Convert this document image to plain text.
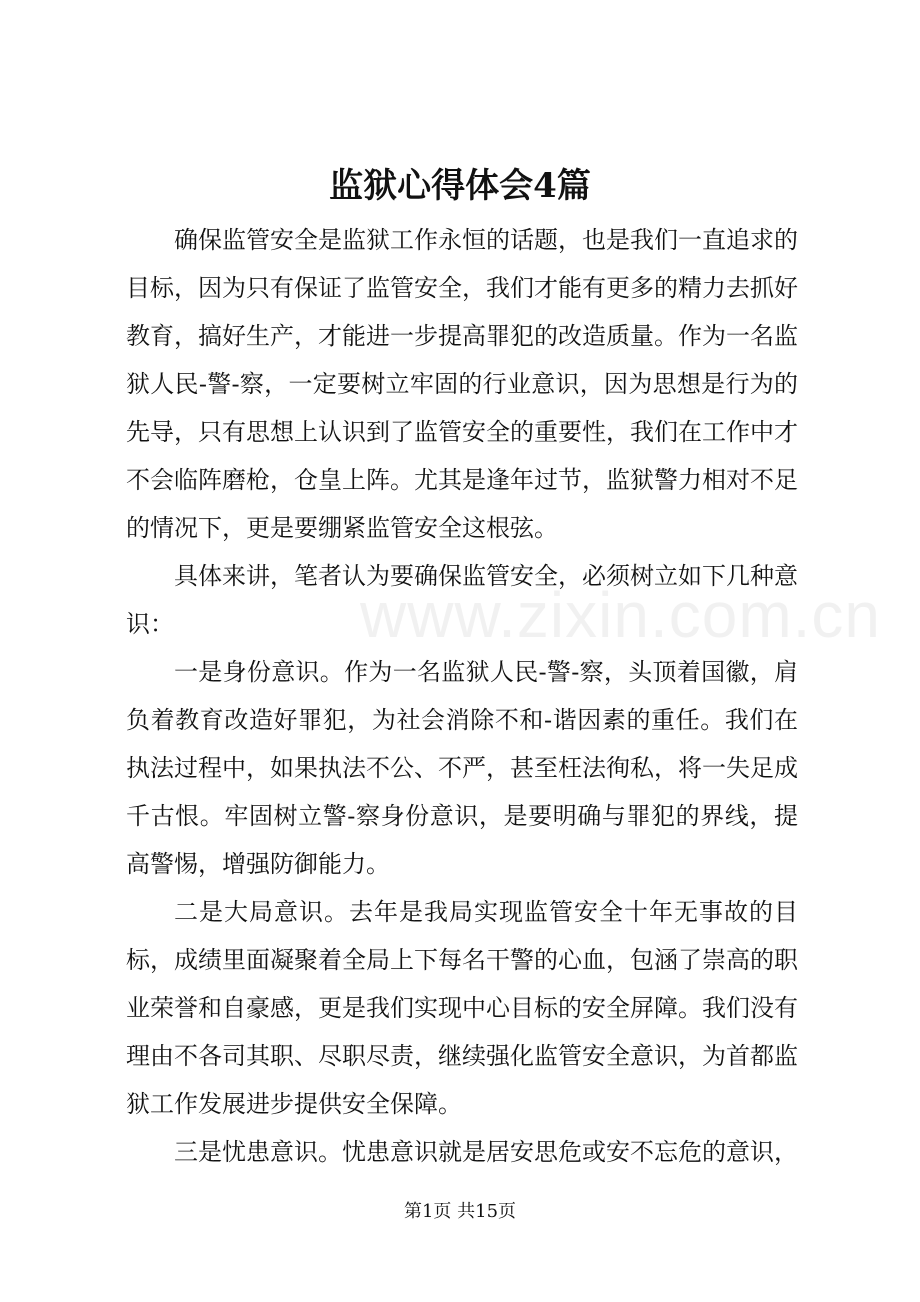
监狱心得体会4篇

确保监管安全是监狱工作永恒的话题，也是我们一直追求的目标，因为只有保证了监管安全，我们才能有更多的精力去抓好教育，搞好生产，才能进一步提高罪犯的改造质量。作为一名监狱人民-警-察，一定要树立牢固的行业意识，因为思想是行为的先导，只有思想上认识到了监管安全的重要性，我们在工作中才不会临阵磨枪，仓皇上阵。尤其是逢年过节，监狱警力相对不足的情况下，更是要绷紧监管安全这根弦。

具体来讲，笔者认为要确保监管安全，必须树立如下几种意识：

一是身份意识。作为一名监狱人民-警-察，头顶着国徽，肩负着教育改造好罪犯，为社会消除不和-谐因素的重任。我们在执法过程中，如果执法不公、不严，甚至枉法徇私，将一失足成千古恨。牢固树立警-察身份意识，是要明确与罪犯的界线，提高警惕，增强防御能力。

二是大局意识。去年是我局实现监管安全十年无事故的目标，成绩里面凝聚着全局上下每名干警的心血，包涵了崇高的职业荣誉和自豪感，更是我们实现中心目标的安全屏障。我们没有理由不各司其职、尽职尽责，继续强化监管安全意识，为首都监狱工作发展进步提供安全保障。

三是忧患意识。忧患意识就是居安思危或安不忘危的意识，

www.zixin.com.cn
第1页 共15页
